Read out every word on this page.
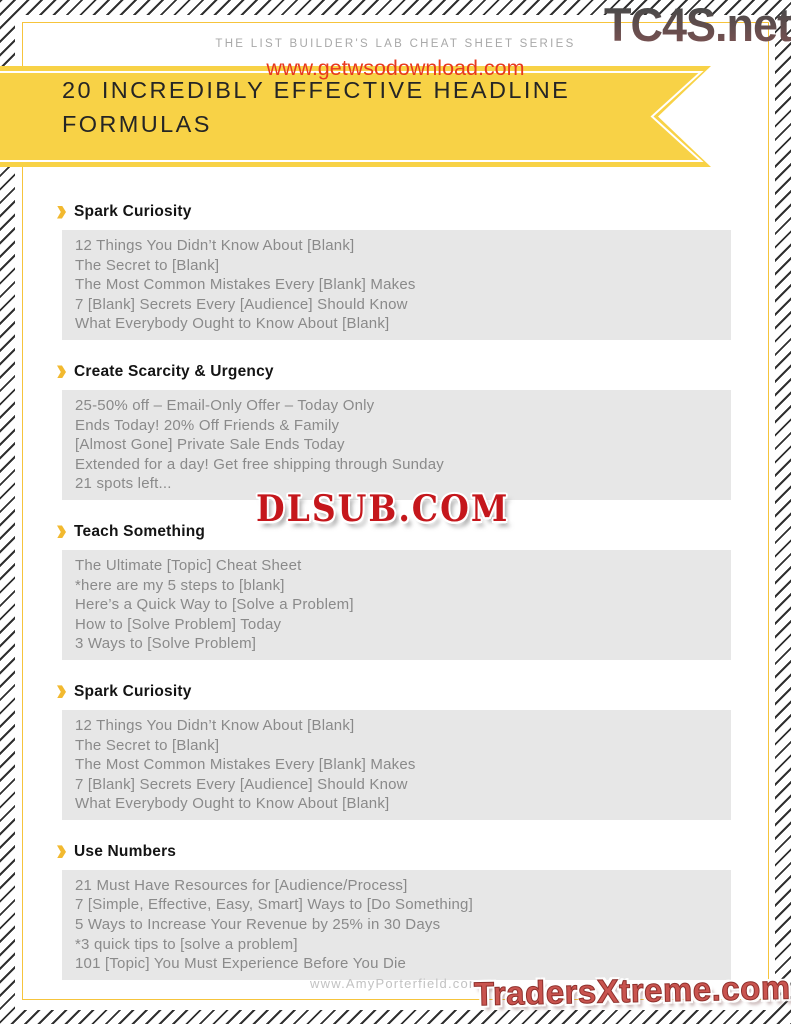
THE LIST BUILDER'S LAB CHEAT SHEET SERIES
www.getwsodownload.com
TC4S.net
20 INCREDIBLY EFFECTIVE HEADLINE FORMULAS
Spark Curiosity
12 Things You Didn’t Know About [Blank]
The Secret to [Blank]
The Most Common Mistakes Every [Blank] Makes
7 [Blank] Secrets Every [Audience] Should Know
What Everybody Ought to Know About [Blank]
Create Scarcity & Urgency
25-50% off – Email-Only Offer – Today Only
Ends Today! 20% Off Friends & Family
[Almost Gone] Private Sale Ends Today
Extended for a day! Get free shipping through Sunday
21 spots left...
Teach Something
The Ultimate [Topic] Cheat Sheet
*here are my 5 steps to [blank]
Here’s a Quick Way to [Solve a Problem]
How to [Solve Problem] Today
3 Ways to [Solve Problem]
Spark Curiosity
12 Things You Didn’t Know About [Blank]
The Secret to [Blank]
The Most Common Mistakes Every [Blank] Makes
7 [Blank] Secrets Every [Audience] Should Know
What Everybody Ought to Know About [Blank]
Use Numbers
21 Must Have Resources for [Audience/Process]
7 [Simple, Effective, Easy, Smart] Ways to [Do Something]
5 Ways to Increase Your Revenue by 25% in 30 Days
*3 quick tips to [solve a problem]
101 [Topic] You Must Experience Before You Die
DLSUB.COM
www.AmyPorterfield.com
TradersXtreme.com
